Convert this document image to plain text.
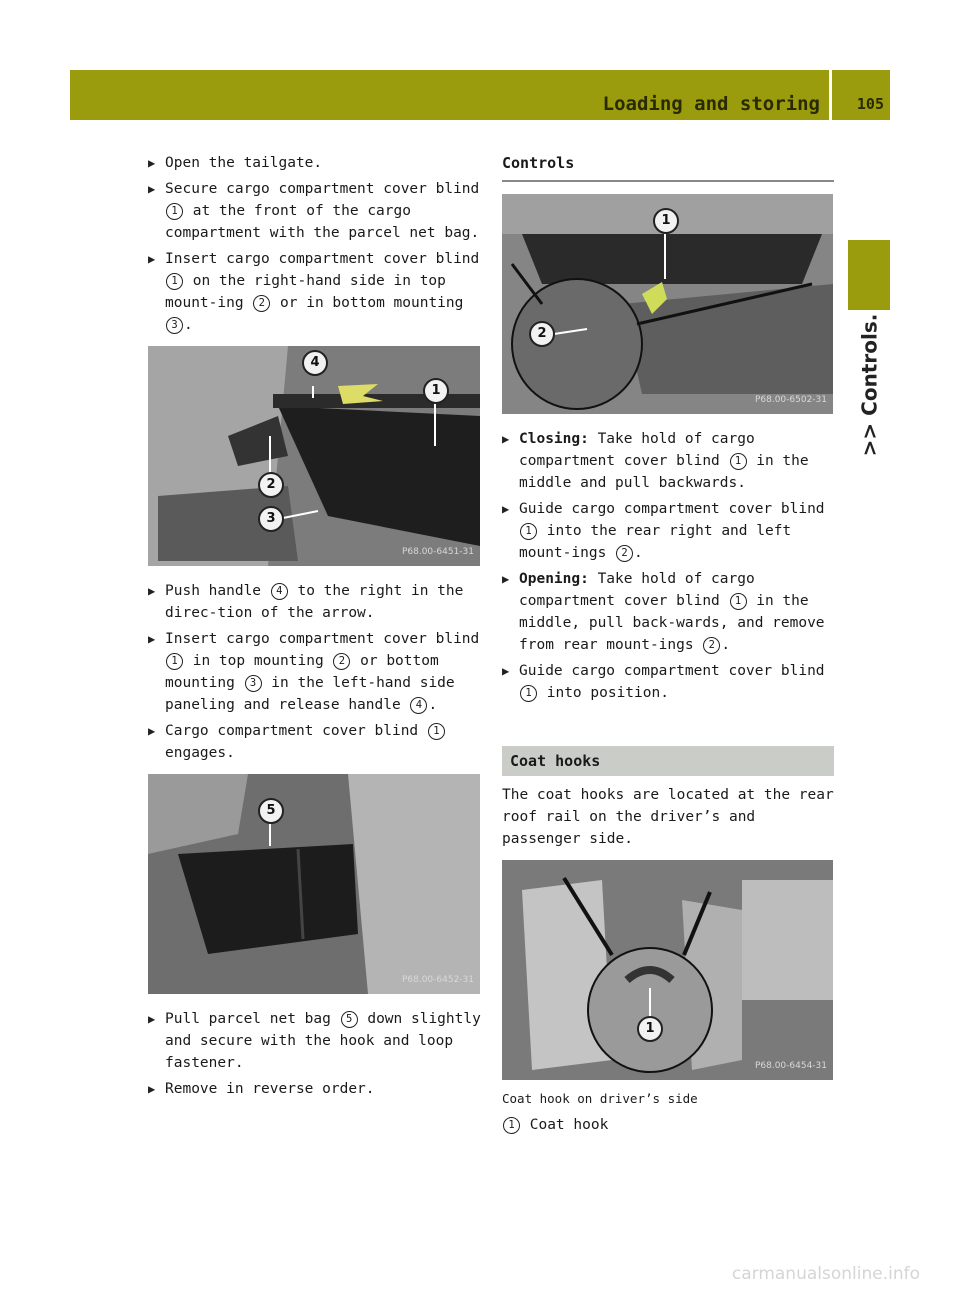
Loading and storing 105
>> Controls.
▶ Open the tailgate.
▶ Secure cargo compartment cover blind 1 at the front of the cargo compartment with the parcel net bag.
▶ Insert cargo compartment cover blind 1 on the right-hand side in top mount-ing 2 or in bottom mounting 3 .
4
1
2
3
P68.00-6451-31
▶ Push handle 4 to the right in the direc-tion of the arrow.
▶ Insert cargo compartment cover blind 1 in top mounting 2 or bottom mounting 3 in the left-hand side paneling and release handle 4 .
▶ Cargo compartment cover blind 1 engages.
5
P68.00-6452-31
▶ Pull parcel net bag 5 down slightly and secure with the hook and loop fastener.
▶ Remove in reverse order.
Controls
1
2
P68.00-6502-31
▶ Closing: Take hold of cargo compartment cover blind 1 in the middle and pull backwards.
▶ Guide cargo compartment cover blind 1 into the rear right and left mount-ings 2 .
▶ Opening: Take hold of cargo compartment cover blind 1 in the middle, pull back-wards, and remove from rear mount-ings 2 .
▶ Guide cargo compartment cover blind 1 into position.
Coat hooks
The coat hooks are located at the rear roof rail on the driver’s and passenger side.
1
P68.00-6454-31
Coat hook on driver’s side
1 Coat hook
carmanualsonline.info
